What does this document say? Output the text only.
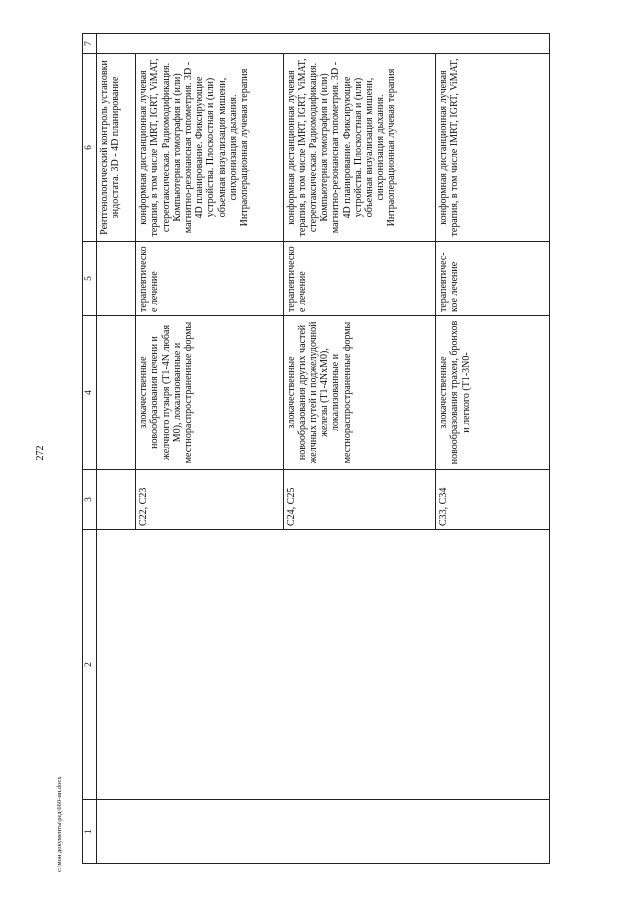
272
с:\мои документы\ред\660-ин.docx 1	2	3	4	5	6	7
					Рентгенологический контроль установки эндостата. 3D - 4D планирование	
		C22, C23	злокачественные новообразования печени и желчного пузыря (T1-4N любая M0), локализованные и местнораспространенные формы	терапевтическо е лечение	конформная дистанционная лучевая терапия, в том числе IMRT, IGRT, ViMAT, стереотаксическая. Радиомодификация. Компьютерная томография и (или) магнитно-резонансная топометрия. 3D - 4D планирование. Фиксирующие устройства. Плоскостная и (или) объемная визуализация мишени, синхронизация дыхания. Интраоперационная лучевая терапия	
		C24, C25	злокачественные новообразования других частей желчных путей и поджелудочной железы (T1-4NxM0), локализованные и местнораспространенные формы	терапевтическо е лечение	конформная дистанционная лучевая терапия, в том числе IMRT, IGRT, ViMAT, стереотаксическая. Радиомодификация. Компьютерная томография и (или) магнитно-резонансная топометрия. 3D - 4D планирование. Фиксирующие устройства. Плоскостная и (или) объемная визуализация мишени, синхронизация дыхания. Интраоперационная лучевая терапия	
		C33, C34	злокачественные новообразования трахеи, бронхов и легкого (T1-3N0-	терапевтичес-кое лечение	конформная дистанционная лучевая терапия, в том числе IMRT, IGRT, ViMAT,	
